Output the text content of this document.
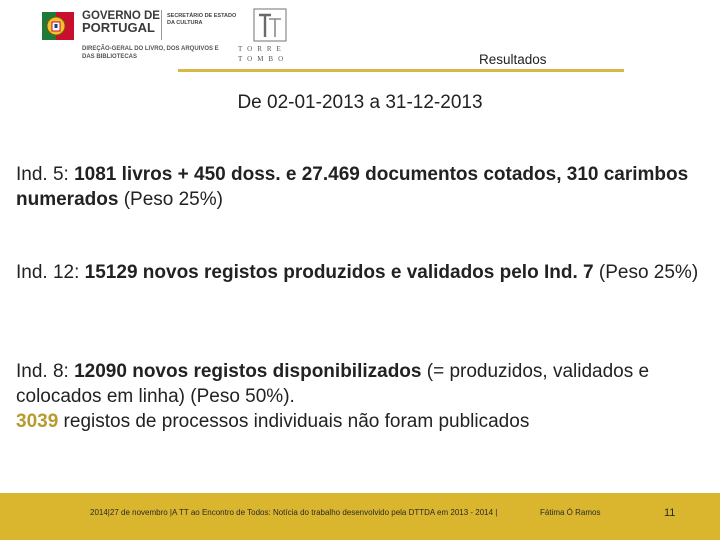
GOVERNO DE
PORTUGAL
SECRETÁRIO DE ESTADO
DA CULTURA
DIREÇÃO-GERAL DO LIVRO, DOS ARQUIVOS E
DAS BIBLIOTECAS
TORRE
TOMBO	Resultados
De 02-01-2013 a 31-12-2013
Ind. 5: 1081 livros + 450 doss. e 27.469 documentos cotados, 310 carimbos numerados (Peso 25%)
Ind. 12: 15129 novos registos produzidos e validados pelo Ind. 7 (Peso 25%)
Ind. 8: 12090 novos registos disponibilizados (= produzidos, validados e colocados em linha) (Peso 50%).
3039 registos de processos individuais não foram publicados
2014|27 de novembro |A TT ao Encontro de Todos: Notícia do trabalho desenvolvido pela DTTDA em 2013 - 2014 |	Fátima Ó Ramos	11
